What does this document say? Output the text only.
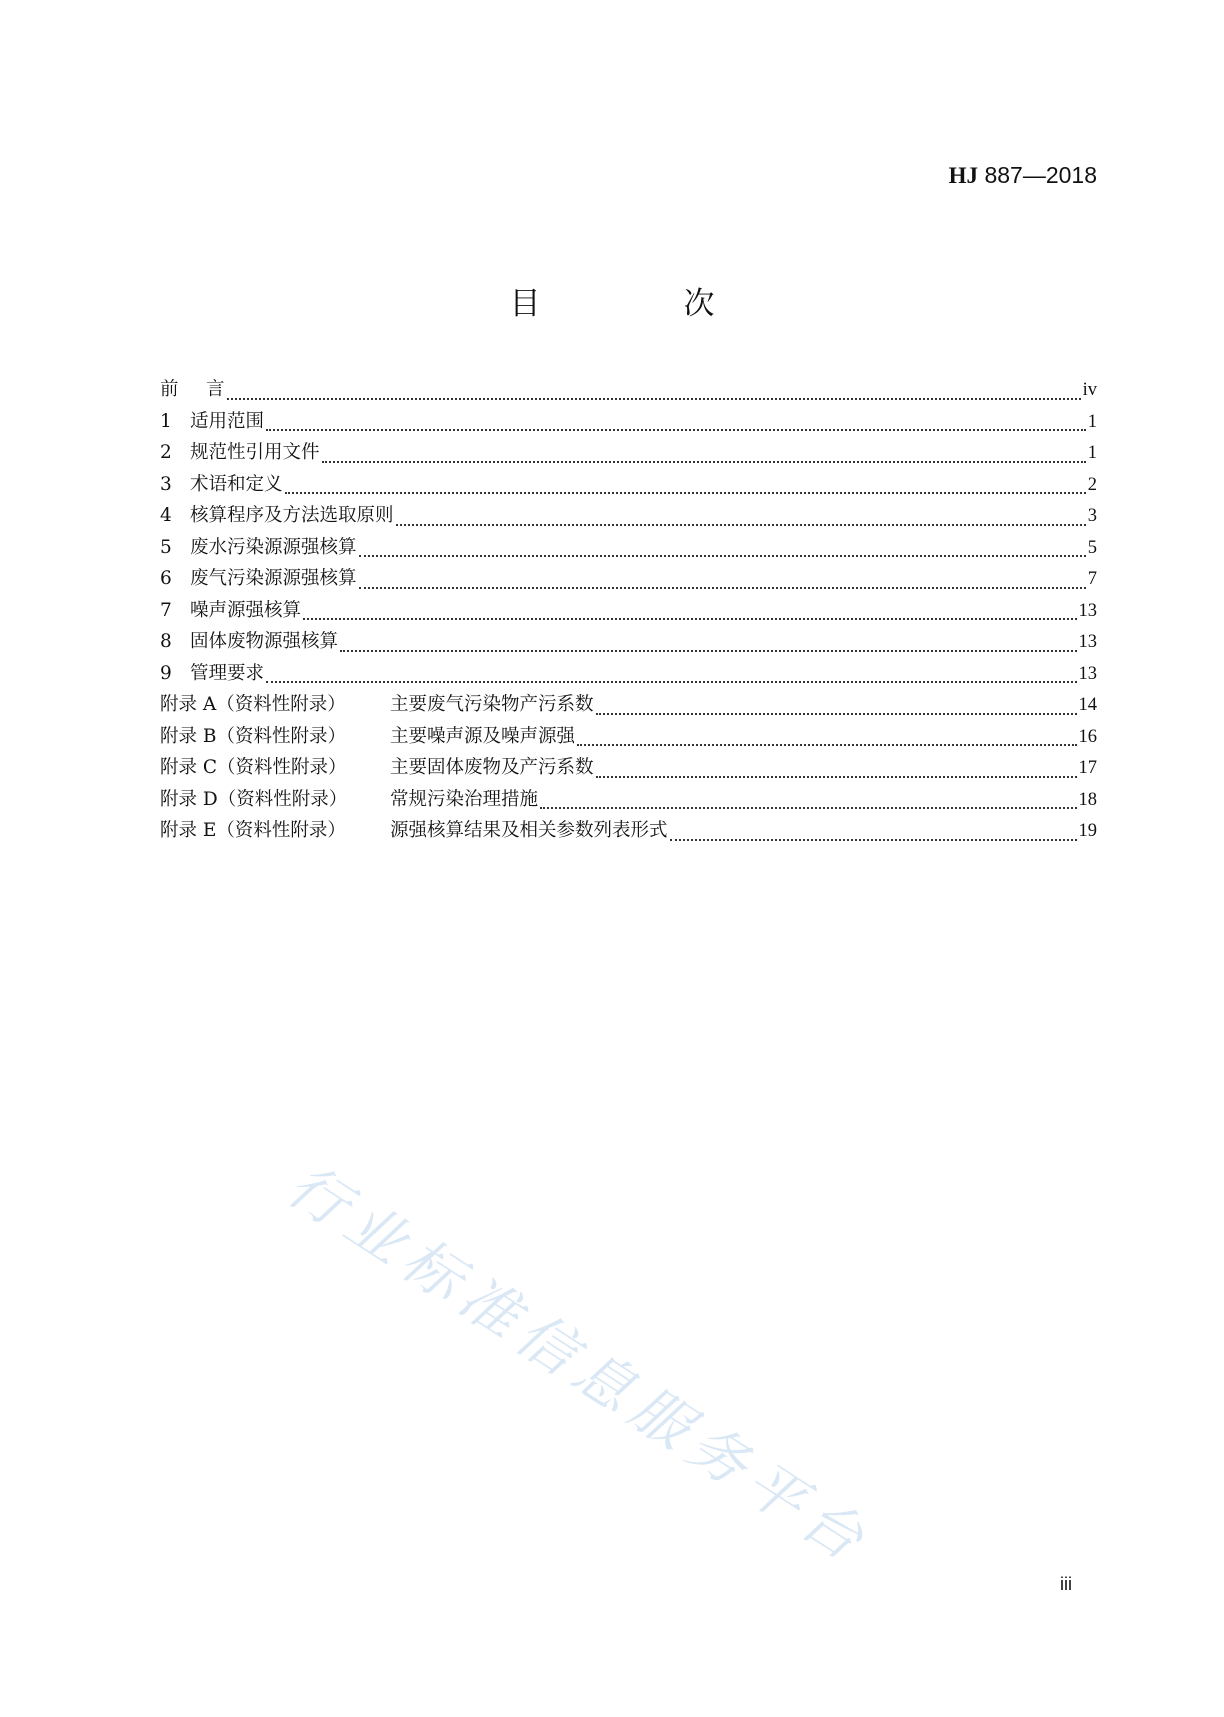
HJ 887—2018
目　次
前	言	iv
1 适用范围	1
2 规范性引用文件	1
3 术语和定义	2
4 核算程序及方法选取原则	3
5 废水污染源源强核算	5
6 废气污染源源强核算	7
7 噪声源强核算	13
8 固体废物源强核算	13
9 管理要求	13
附录 A（资料性附录）	主要废气污染物产污系数	14
附录 B（资料性附录）	主要噪声源及噪声源强	16
附录 C（资料性附录）	主要固体废物及产污系数	17
附录 D（资料性附录）	常规污染治理措施	18
附录 E（资料性附录）	源强核算结果及相关参数列表形式	19
行业标准信息服务平台
iii
